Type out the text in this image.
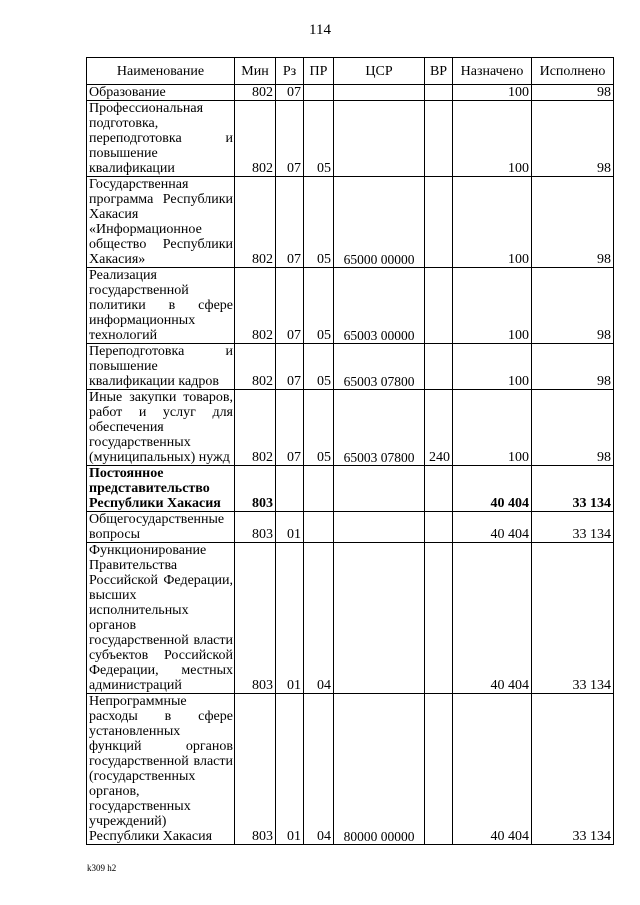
114
Наименование	Мин	Рз	ПР	ЦСР	ВР	Назначено	Исполнено
Образование	802	07				100	98
Профессиональная подготовка, переподготовка и повышение квалификации	802	07	05			100	98
Государственная программа Республики Хакасия «Информационное общество Республики Хакасия»	802	07	05	65000 00000		100	98
Реализация государственной политики в сфере информационных технологий	802	07	05	65003 00000		100	98
Переподготовка и повышение квалификации кадров	802	07	05	65003 07800		100	98
Иные закупки товаров, работ и услуг для обеспечения государственных (муниципальных) нужд	802	07	05	65003 07800	240	100	98
Постоянное представительство Республики Хакасия	803					40 404	33 134
Общегосударственные вопросы	803	01				40 404	33 134
Функционирование Правительства Российской Федерации, высших исполнительных органов государственной власти субъектов Российской Федерации, местных администраций	803	01	04			40 404	33 134
Непрограммные расходы в сфере установленных функций органов государственной власти (государственных органов, государственных учреждений) Республики Хакасия	803	01	04	80000 00000		40 404	33 134
k309 h2
